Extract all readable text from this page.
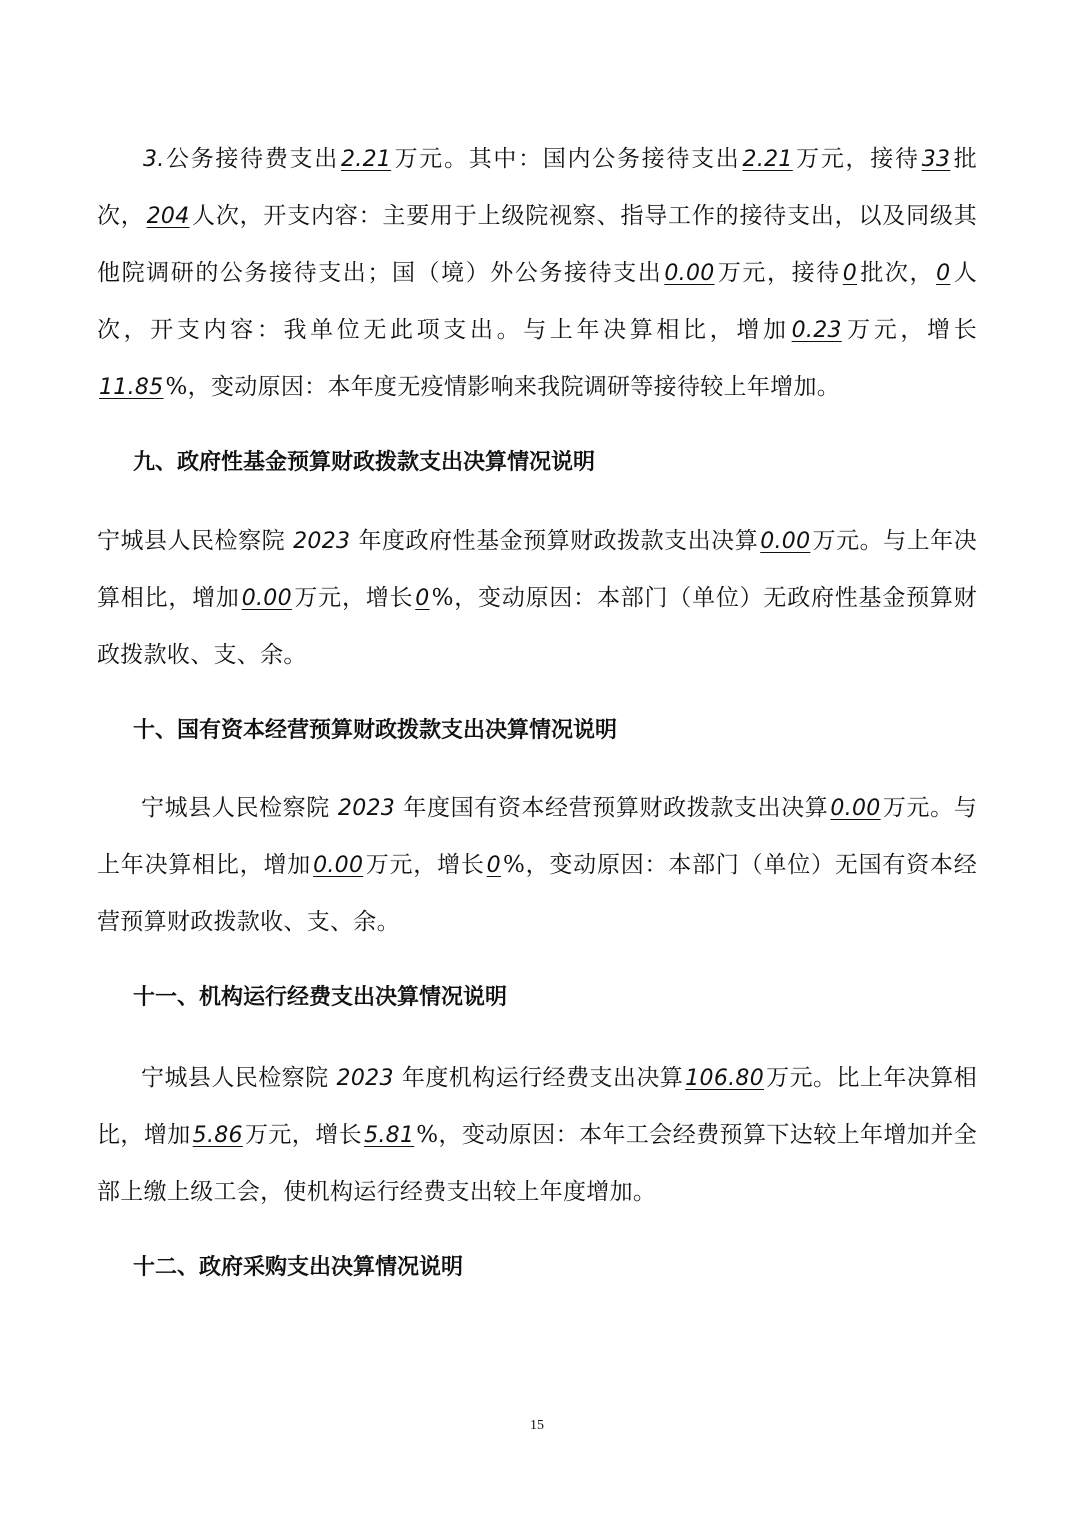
3.公务接待费支出2.21万元。其中：国内公务接待支出2.21万元，接待33批次，204人次，开支内容：主要用于上级院视察、指导工作的接待支出，以及同级其他院调研的公务接待支出；国（境）外公务接待支出0.00万元，接待0批次，0人次，开支内容：我单位无此项支出。与上年决算相比，增加0.23万元，增长11.85%，变动原因：本年度无疫情影响来我院调研等接待较上年增加。
九、政府性基金预算财政拨款支出决算情况说明
宁城县人民检察院 2023 年度政府性基金预算财政拨款支出决算0.00万元。与上年决算相比，增加0.00万元，增长0%，变动原因：本部门（单位）无政府性基金预算财政拨款收、支、余。
十、国有资本经营预算财政拨款支出决算情况说明
宁城县人民检察院 2023 年度国有资本经营预算财政拨款支出决算0.00万元。与上年决算相比，增加0.00万元，增长0%，变动原因：本部门（单位）无国有资本经营预算财政拨款收、支、余。
十一、机构运行经费支出决算情况说明
宁城县人民检察院 2023 年度机构运行经费支出决算106.80万元。比上年决算相比，增加5.86万元，增长5.81%，变动原因：本年工会经费预算下达较上年增加并全部上缴上级工会，使机构运行经费支出较上年度增加。
十二、政府采购支出决算情况说明
15
